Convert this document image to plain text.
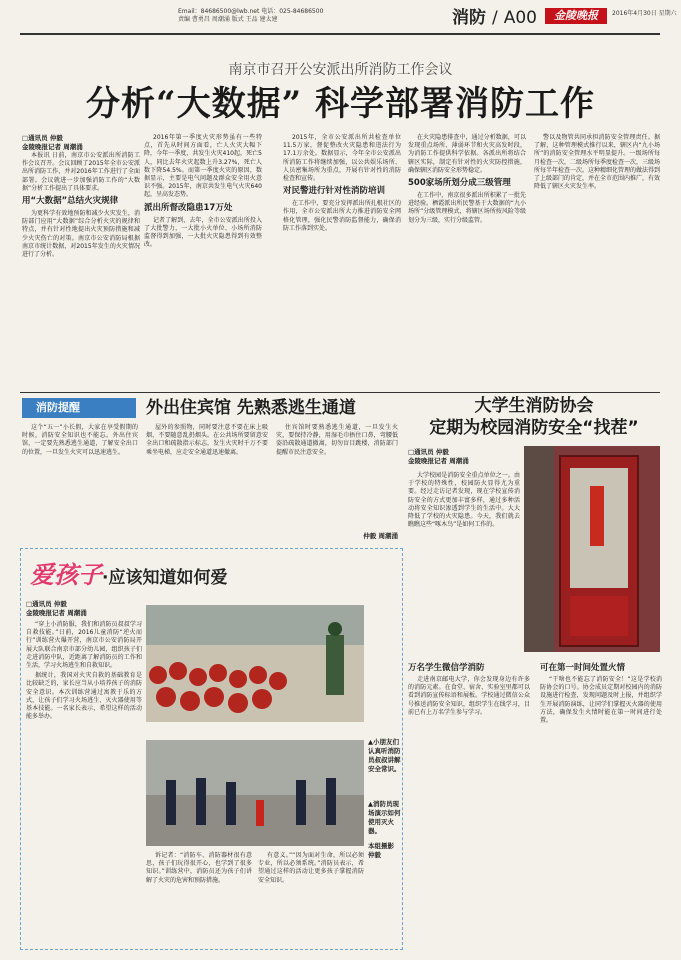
Email：84686500@lwb.net 电话：025-84686500
责编 曹勇昌 周潮涌 版式 王品 建太建	消防 / A00	金陵晚报	2016年4月30日 星期六
南京市召开公安派出所消防工作会议
分析“大数据” 科学部署消防工作
□通讯员 仲毅
金陵晚报记者 周潮涌
本报讯 日前，南京市公安派出所消防工作会议召开。会议回顾了2015年全市公安派出所消防工作，并对2016年工作进行了全面部署。会议就进一步加强消防工作的“大数据”分析工作提出了具体要求。
用“大数据”总结火灾规律
为更科学有效地预防和减少火灾发生，消防部门应用“大数据”综合分析火灾的规律和特点，并有针对性地提出火灾预防措施和减少火灾伤亡的对策。南京市公安消防局根据南京市统计数据，对2015年发生的火灾情况进行了分析。
2016年第一季度火灾形势虽有一些特点，首先从时间方面看，亡人火灾大幅下降，今年一季度，共发生火灾410起，死亡5人，同比去年火灾起数上升3.27%，死亡人数下降54.5%。而第一季度火灾的原因，数据显示，主要是电气问题及群众安全用火意识不强。2015年，南京共发生电气火灾640起，呈高发态势。
派出所督改隐患17万处
记者了解到，去年，全市公安派出所投入了大批警力，一大批小火单位、小场所消防监督得到加强，一大批火灾隐患得到有效整改。
2015年，全市公安派出所共检查单位11.5万家，督促整改火灾隐患和违法行为17.1万余处。数据显示，今年全市公安派出所消防工作将继续加强，以公共娱乐场所、人员密集场所为重点，开展有针对性的消防检查和宣传。
对民警进行针对性消防培训
在工作中，要充分发挥派出所扎根社区的作用，全市公安派出所大力推进消防安全网格化管理，强化民警消防监督能力，确保消防工作落到实处。
在火灾隐患排查中，通过分析数据，可以发现重点场所、薄弱环节和火灾高发时段，为消防工作提供科学依据。各派出所将结合辖区实际，制定有针对性的火灾防控措施，确保辖区消防安全形势稳定。
500家场所划分成三级管理
在工作中，南京很多派出所积累了一批先进经验。栖霞派出所民警基于大数据的“九小场所”分级管理模式，将辖区场所按风险等级划分为三级，实行分级监管。
警以及物管共同承担消防安全管理责任。据了解，这种管理模式推行以来，辖区内“九小场所”的消防安全管理水平明显提升。一级场所每月检查一次，二级场所每季度检查一次，三级场所每半年检查一次。这种精细化管理的做法得到了上级部门的肯定，并在全市范围内推广，有效降低了辖区火灾发生率。
消防提醒	外出住宾馆 先熟悉逃生通道
这个“五一”小长假，大家在享受假期的时候，消防安全知识也不能忘。外出住宾馆，一定要先熟悉逃生通道，了解安全出口的位置，一旦发生火灾可以迅速逃生。
屋外的参照物，同时要注意不要在床上吸烟，不要随意乱扔烟头。在公共场所要留意安全出口和疏散指示标志，发生火灾时千万不要乘坐电梯，应走安全通道迅速撤离。
住宾馆时要熟悉逃生通道，一旦发生火灾，要保持冷静，用湿毛巾捂住口鼻，弯腰低姿沿疏散通道撤离，切勿盲目跳楼，消防部门提醒市民注意安全。
仲毅 周潮涌
爱孩子·应该知道如何爱
□通讯员 仲毅
金陵晚报记者 周潮涌
“穿上小消防服，我们和消防员叔叔学习自救技能。”日前，2016儿童消防“逆火而行”训练营火爆开营，南京市公安消防局开展大队联合南京市部分幼儿园，组织孩子们走进消防中队，近距离了解消防员的工作和生活，学习火场逃生和自救知识。
据统计，我国对火灾自救的基础教育是比较缺乏的，家长应当从小培养孩子的消防安全意识。本次训练营通过寓教于乐的方式，让孩子们学习火场逃生、灭火器使用等基本技能。一名家长表示，希望这样的活动能多举办。
▲小朋友们认真听消防员叔叔讲解安全常识。
▲消防员现场演示如何使用灭火器。
本组摄影 仲毅
诉记者：“消防车、消防器材很有意思，孩子们玩得很开心，也学到了很多知识。”训练营中，消防员还为孩子们讲解了火灾的危害和预防措施。
有意义。”“因为面对生命，所以必须专业，所以必须系统。”消防员表示，希望通过这样的活动让更多孩子掌握消防安全知识。
大学生消防协会
定期为校园消防安全“找茬”
□通讯员 仲毅
金陵晚报记者 周潮涌
大学校园是消防安全重点单位之一。由于学校的特殊性，校园防火显得尤为重要。经过走访记者发现，现在学校宣传消防安全的方式更加丰富多样，通过多种活动将安全知识渗透到学生的生活中。大大降低了学校的火灾隐患。今天，我们就去瞧瞧这些“啄木鸟”是如何工作的。
万名学生微信学消防	可在第一时间处置火情
走进南京邮电大学，你会发现身边有许多的消防元素。在食堂、宿舍、实验室里都可以看到消防宣传标语和展板。学校通过微信公众号推送消防安全知识，组织学生在线学习，目前已有上万名学生参与学习。
“干啥也不能忘了消防安全！”这是学校消防协会的口号。协会成员定期对校园内的消防设施进行检查，发现问题及时上报，并组织学生开展消防演练，让同学们掌握灭火器的使用方法，确保发生火情时能在第一时间进行处置。
